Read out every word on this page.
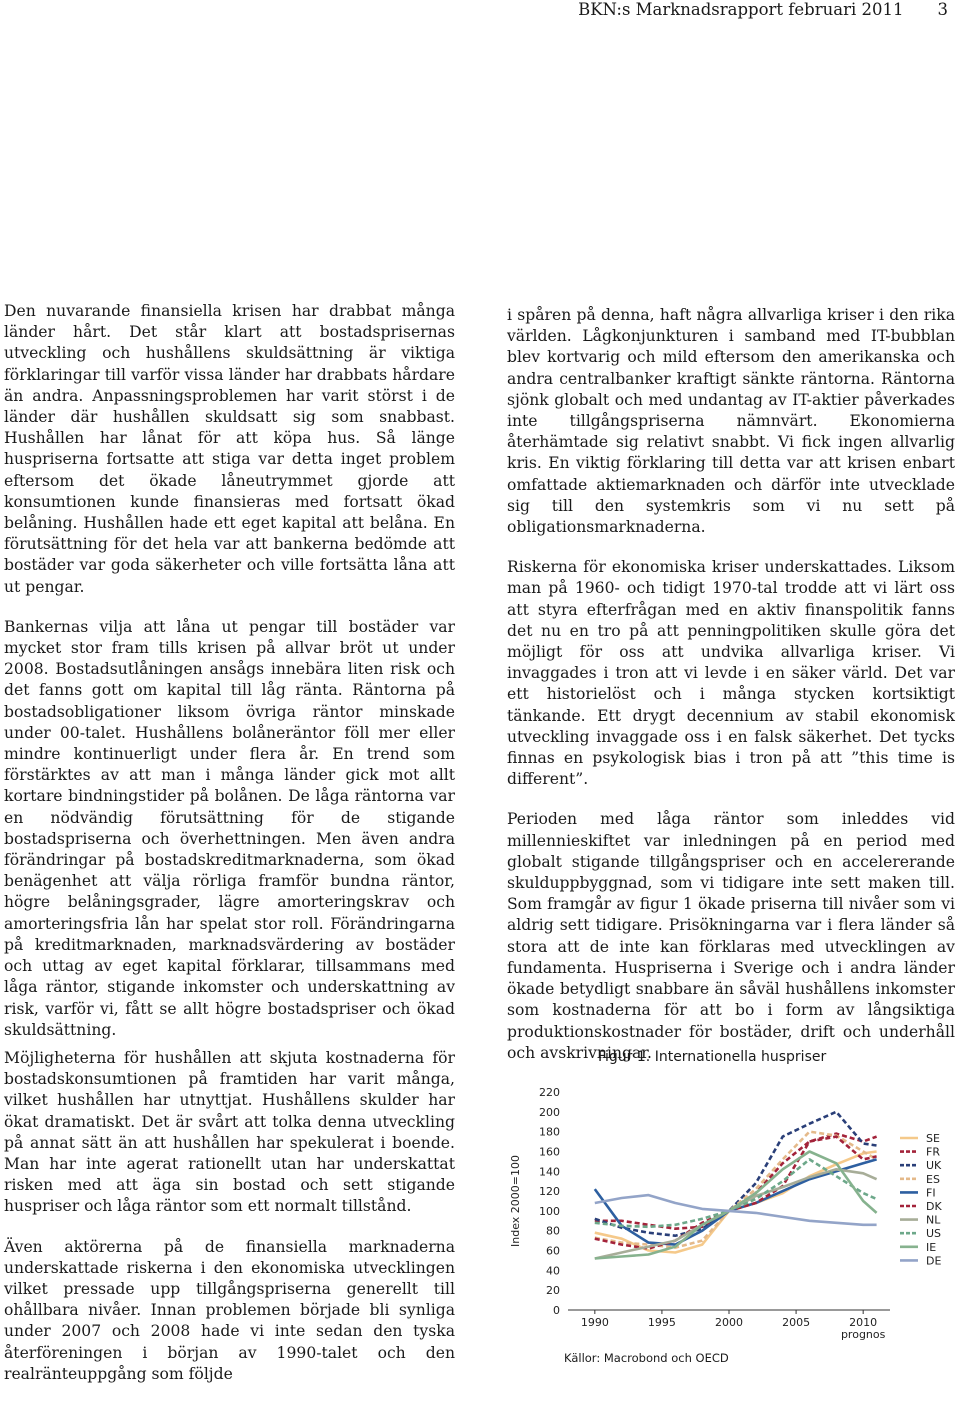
BKN:s Marknadsrapport februari 2011 3

Den nuvarande finansiella krisen har drabbat många länder hårt. Det står klart att bostadsprisernas utveckling och hushållens skuldsättning är viktiga förklaringar till varför vissa länder har drabbats hårdare än andra. Anpassningsproblemen har varit störst i de länder där hushållen skuldsatt sig som snabbast. Hushållen har lånat för att köpa hus. Så länge huspriserna fortsatte att stiga var detta inget problem eftersom det ökade låneutrymmet gjorde att konsumtionen kunde finansieras med fortsatt ökad belåning. Hushållen hade ett eget kapital att belåna. En förutsättning för det hela var att bankerna bedömde att bostäder var goda säkerheter och ville fortsätta låna att ut pengar.

Bankernas vilja att låna ut pengar till bostäder var mycket stor fram tills krisen på allvar bröt ut under 2008. Bostadsutlåningen ansågs innebära liten risk och det fanns gott om kapital till låg ränta. Räntorna på bostadsobligationer liksom övriga räntor minskade under 00-talet. Hushållens bolåneräntor föll mer eller mindre kontinuerligt under flera år. En trend som förstärktes av att man i många länder gick mot allt kortare bindningstider på bolånen. De låga räntorna var en nödvändig förutsättning för de stigande bostadspriserna och överhettningen. Men även andra förändringar på bostadskreditmarknaderna, som ökad benägenhet att välja rörliga framför bundna räntor, högre belåningsgrader, lägre amorteringskrav och amorteringsfria lån har spelat stor roll. Förändringarna på kreditmarknaden, marknadsvärdering av bostäder och uttag av eget kapital förklarar, tillsammans med låga räntor, stigande inkomster och underskattning av risk, varför vi, fått se allt högre bostadspriser och ökad skuldsättning.

Möjligheterna för hushållen att skjuta kostnaderna för bostadskonsumtionen på framtiden har varit många, vilket hushållen har utnyttjat. Hushållens skulder har ökat dramatiskt. Det är svårt att tolka denna utveckling på annat sätt än att hushållen har spekulerat i boende. Man har inte agerat rationellt utan har underskattat risken med att äga sin bostad och sett stigande huspriser och låga räntor som ett normalt tillstånd.

Även aktörerna på de finansiella marknaderna underskattade riskerna i den ekonomiska utvecklingen vilket pressade upp tillgångspriserna generellt till ohållbara nivåer. Innan problemen började bli synliga under 2007 och 2008 hade vi inte sedan den tyska återföreningen i början av 1990-talet och den realränteuppgång som följde

i spåren på denna, haft några allvarliga kriser i den rika världen. Lågkonjunkturen i samband med IT-bubblan blev kortvarig och mild eftersom den amerikanska och andra centralbanker kraftigt sänkte räntorna. Räntorna sjönk globalt och med undantag av IT-aktier påverkades inte tillgångspriserna nämnvärt. Ekonomierna återhämtade sig relativt snabbt. Vi fick ingen allvarlig kris. En viktig förklaring till detta var att krisen enbart omfattade aktiemarknaden och därför inte utvecklade sig till den systemkris som vi nu sett på obligationsmarknaderna.

Riskerna för ekonomiska kriser underskattades. Liksom man på 1960- och tidigt 1970-tal trodde att vi lärt oss att styra efterfrågan med en aktiv finanspolitik fanns det nu en tro på att penningpolitiken skulle göra det möjligt för oss att undvika allvarliga kriser. Vi invaggades i tron att vi levde i en säker värld. Det var ett historielöst och i många stycken kortsiktigt tänkande. Ett drygt decennium av stabil ekonomisk utveckling invaggade oss i en falsk säkerhet. Det tycks finnas en psykologisk bias i tron på att ”this time is different”.

Perioden med låga räntor som inleddes vid millennieskiftet var inledningen på en period med globalt stigande tillgångspriser och en accelererande skulduppbyggnad, som vi tidigare inte sett maken till. Som framgår av figur 1 ökade priserna till nivåer som vi aldrig sett tidigare. Prisökningarna var i flera länder så stora att de inte kan förklaras med utvecklingen av fundamenta. Huspriserna i Sverige och i andra länder ökade betydligt snabbare än såväl hushållens inkomster som kostnaderna för att bo i form av långsiktiga produktionskostnader för bostäder, drift och underhåll och avskrivningar.

Figur 1. Internationella huspriser
0
20
40
60
80
100
120
140
160
180
200
220
1990	1995	2000	2005	2010
prognos
Index 2000=100
SE
FR
UK
ES
FI
DK
NL
US
IE
DE
Källor: Macrobond och OECD
